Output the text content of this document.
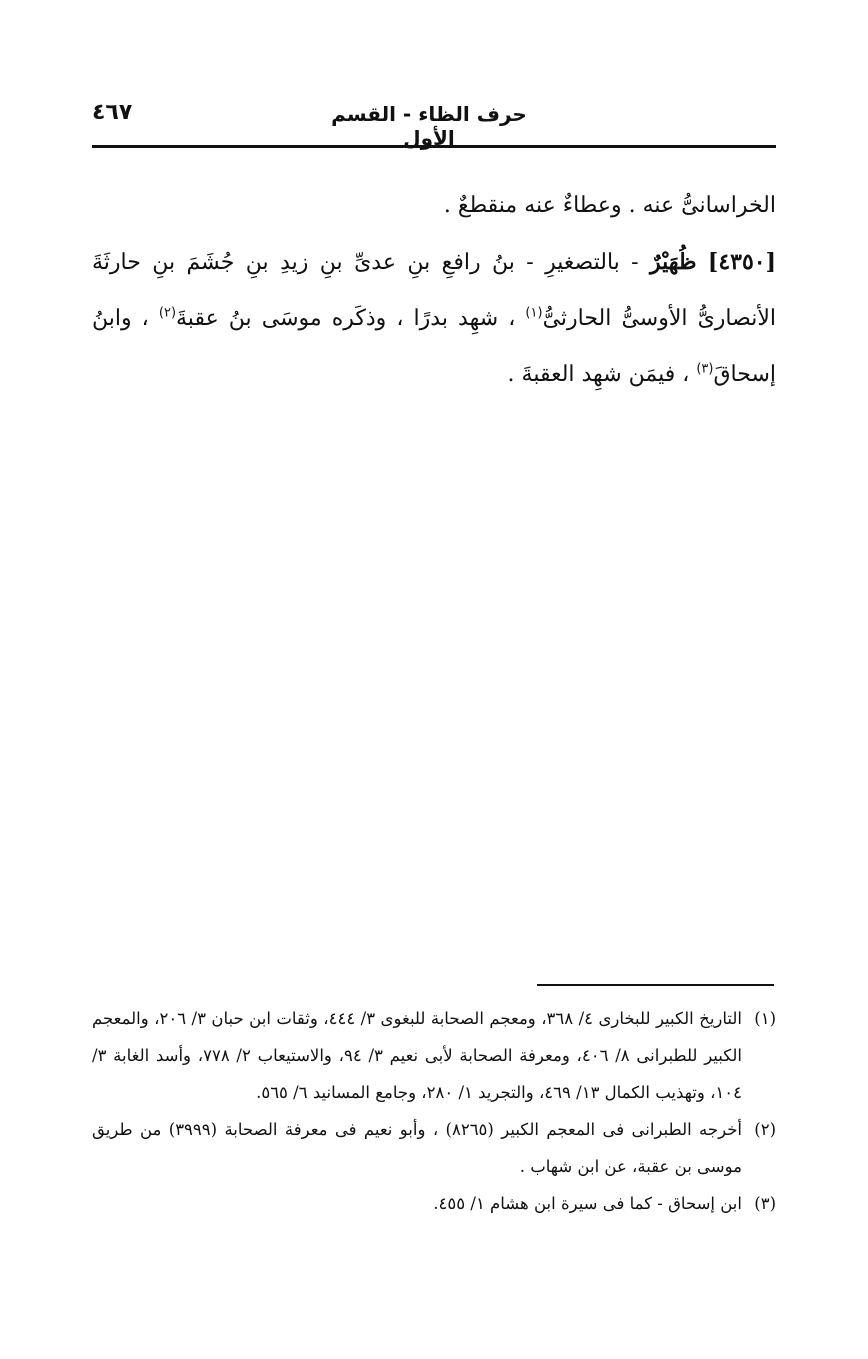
٤٦٧	حرف الظاء - القسم الأول

الخراسانىُّ عنه . وعطاءٌ عنه منقطعٌ .

[٤٣٥٠] ظُهَيْرٌ - بالتصغيرِ - بنُ رافعِ بنِ عدىِّ بنِ زيدِ بنِ جُشَمَ بنِ حارثَةَ الأنصارىُّ الأوسىُّ الحارثىُّ$^{(١)}$ ، شهِد بدرًا ، وذكَره موسَى بنُ عقبةَ$^{(٢)}$ ، وابنُ إسحاقَ$^{(٣)}$ ، فيمَن شهِد العقبةَ .

(١)التاريخ الكبير للبخارى ٤/ ٣٦٨، ومعجم الصحابة للبغوى ٣/ ٤٤٤، وثقات ابن حبان ٣/ ٢٠٦، والمعجم الكبير للطبرانى ٨/ ٤٠٦، ومعرفة الصحابة لأبى نعيم ٣/ ٩٤، والاستيعاب ٢/ ٧٧٨، وأسد الغابة ٣/ ١٠٤، وتهذيب الكمال ١٣/ ٤٦٩، والتجريد ١/ ٢٨٠، وجامع المسانيد ٦/ ٥٦٥.

(٢)أخرجه الطبرانى فى المعجم الكبير (٨٢٦٥) ، وأبو نعيم فى معرفة الصحابة (٣٩٩٩) من طريق موسى بن عقبة، عن ابن شهاب .

(٣)ابن إسحاق - كما فى سيرة ابن هشام ١/ ٤٥٥.
